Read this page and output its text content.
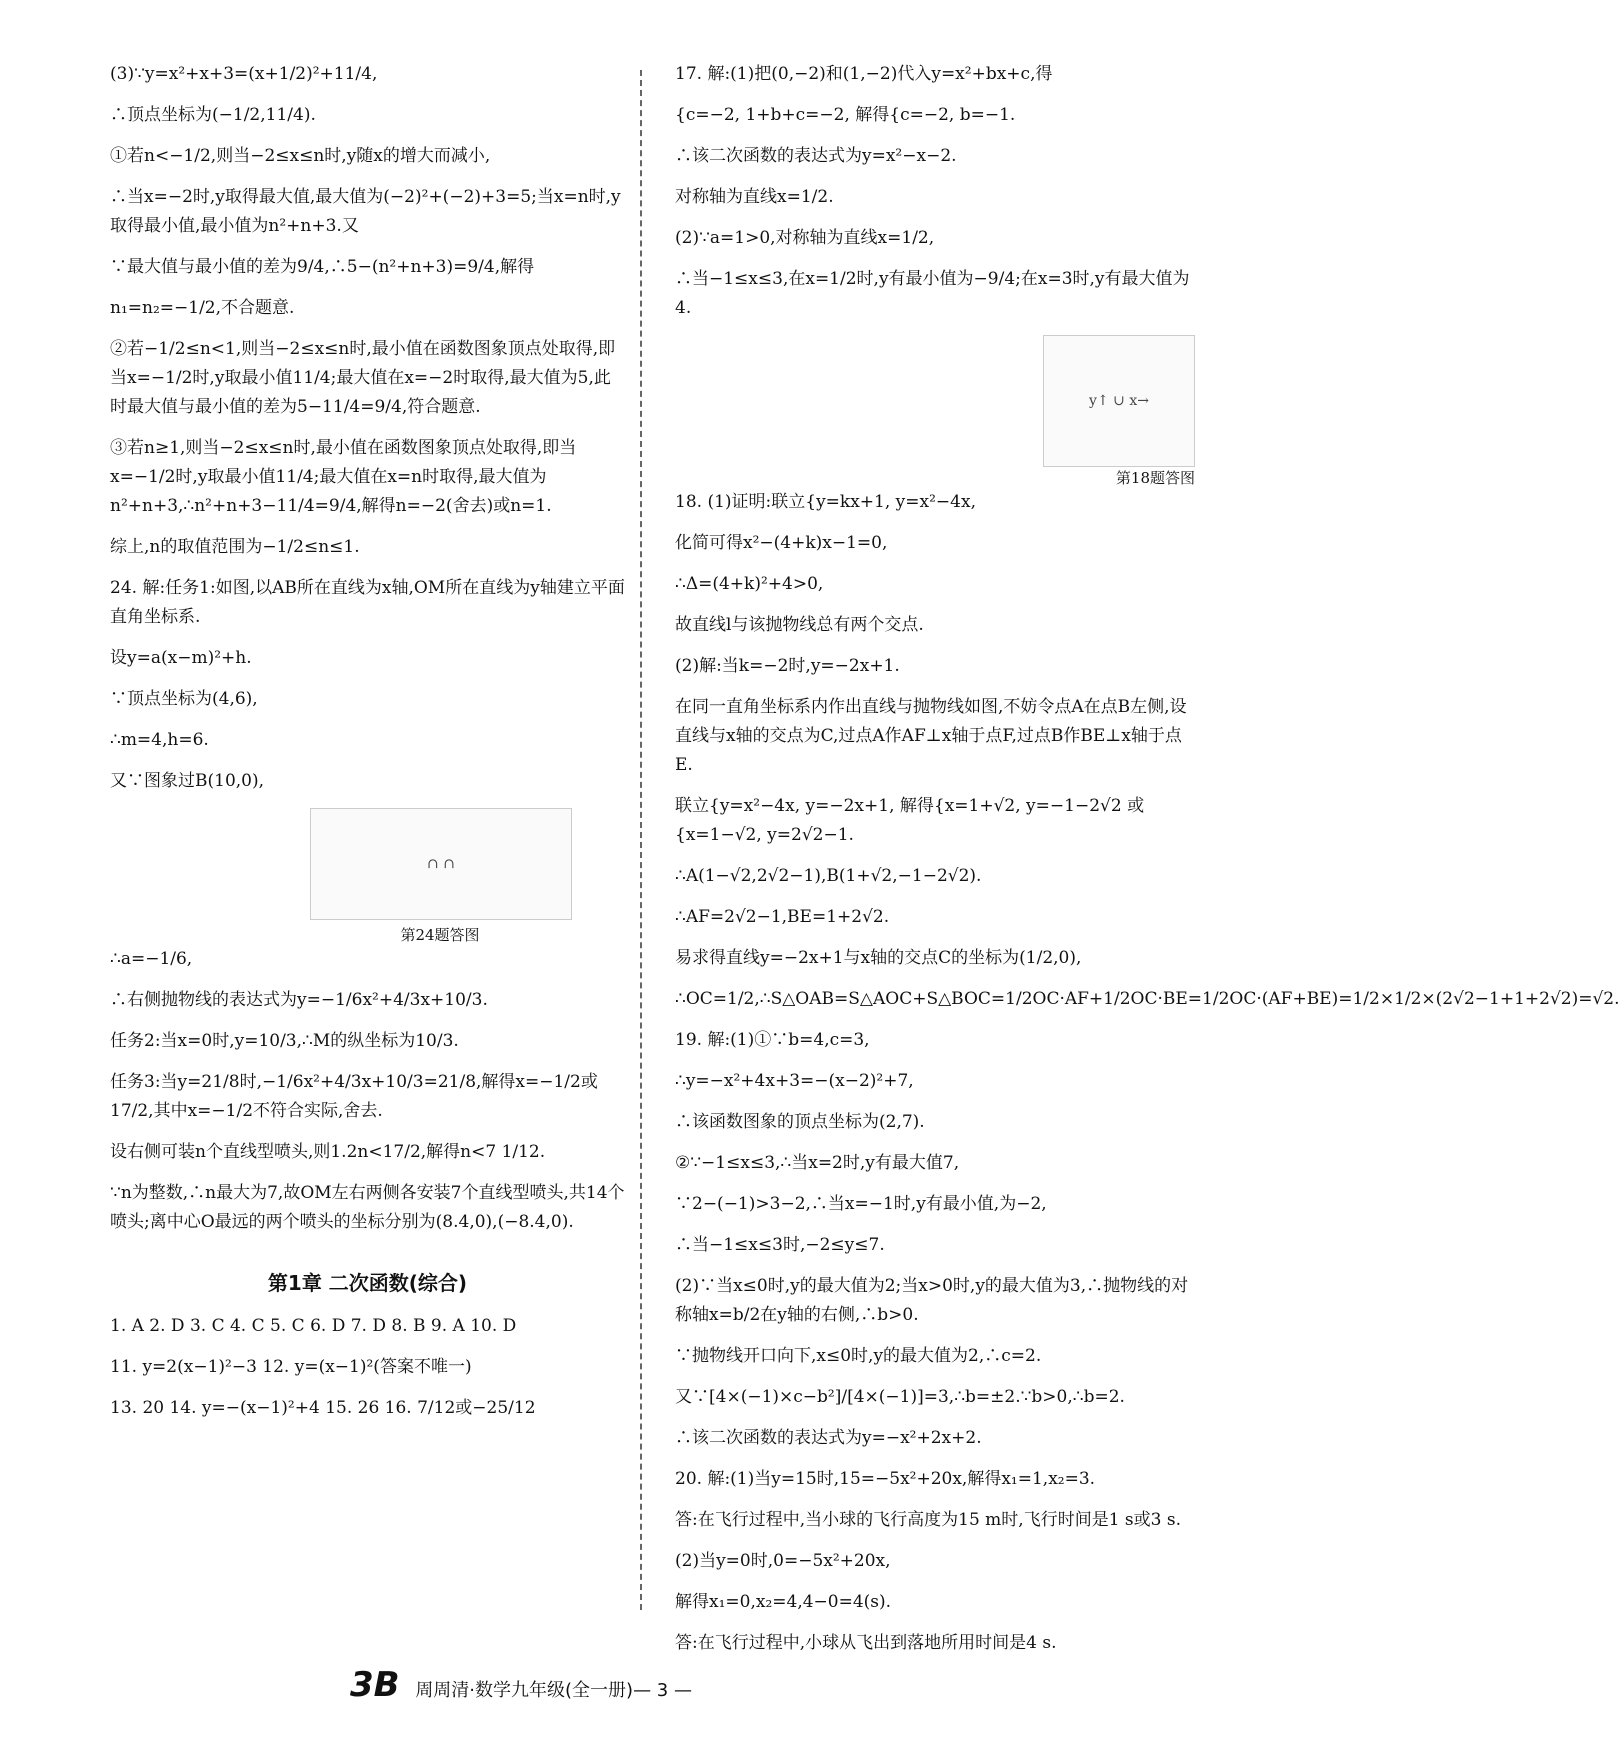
(3)∵y=x²+x+3=(x+1/2)²+11/4,
∴顶点坐标为(−1/2,11/4).
①若n<−1/2,则当−2≤x≤n时,y随x的增大而减小,
∴当x=−2时,y取得最大值,最大值为(−2)²+(−2)+3=5;当x=n时,y取得最小值,最小值为n²+n+3.又
∵最大值与最小值的差为9/4,∴5−(n²+n+3)=9/4,解得
n₁=n₂=−1/2,不合题意.
②若−1/2≤n<1,则当−2≤x≤n时,最小值在函数图象顶点处取得,即当x=−1/2时,y取最小值11/4;最大值在x=−2时取得,最大值为5,此时最大值与最小值的差为5−11/4=9/4,符合题意.
③若n≥1,则当−2≤x≤n时,最小值在函数图象顶点处取得,即当x=−1/2时,y取最小值11/4;最大值在x=n时取得,最大值为n²+n+3,∴n²+n+3−11/4=9/4,解得n=−2(舍去)或n=1.
综上,n的取值范围为−1/2≤n≤1.
24. 解:任务1:如图,以AB所在直线为x轴,OM所在直线为y轴建立平面直角坐标系.
设y=a(x−m)²+h.
∵顶点坐标为(4,6),
∴m=4,h=6.
又∵图象过B(10,0),
∩ ∩
第24题答图
∴a=−1/6,
∴右侧抛物线的表达式为y=−1/6x²+4/3x+10/3.
任务2:当x=0时,y=10/3,∴M的纵坐标为10/3.
任务3:当y=21/8时,−1/6x²+4/3x+10/3=21/8,解得x=−1/2或17/2,其中x=−1/2不符合实际,舍去.
设右侧可装n个直线型喷头,则1.2n<17/2,解得n<7 1/12.
∵n为整数,∴n最大为7,故OM左右两侧各安装7个直线型喷头,共14个喷头;离中心O最远的两个喷头的坐标分别为(8.4,0),(−8.4,0).
第1章 二次函数(综合)
1. A 2. D 3. C 4. C 5. C 6. D 7. D 8. B 9. A 10. D
11. y=2(x−1)²−3 12. y=(x−1)²(答案不唯一)
13. 20 14. y=−(x−1)²+4 15. 26 16. 7/12或−25/12
17. 解:(1)把(0,−2)和(1,−2)代入y=x²+bx+c,得
{c=−2, 1+b+c=−2, 解得{c=−2, b=−1.
∴该二次函数的表达式为y=x²−x−2.
对称轴为直线x=1/2.
(2)∵a=1>0,对称轴为直线x=1/2,
∴当−1≤x≤3,在x=1/2时,y有最小值为−9/4;在x=3时,y有最大值为4.
y↑ ∪ x→
第18题答图
18. (1)证明:联立{y=kx+1, y=x²−4x,
化简可得x²−(4+k)x−1=0,
∴Δ=(4+k)²+4>0,
故直线l与该抛物线总有两个交点.
(2)解:当k=−2时,y=−2x+1.
在同一直角坐标系内作出直线与抛物线如图,不妨令点A在点B左侧,设直线与x轴的交点为C,过点A作AF⊥x轴于点F,过点B作BE⊥x轴于点E.
联立{y=x²−4x, y=−2x+1, 解得{x=1+√2, y=−1−2√2 或{x=1−√2, y=2√2−1.
∴A(1−√2,2√2−1),B(1+√2,−1−2√2).
∴AF=2√2−1,BE=1+2√2.
易求得直线y=−2x+1与x轴的交点C的坐标为(1/2,0),
∴OC=1/2,∴S△OAB=S△AOC+S△BOC=1/2OC·AF+1/2OC·BE=1/2OC·(AF+BE)=1/2×1/2×(2√2−1+1+2√2)=√2.
19. 解:(1)①∵b=4,c=3,
∴y=−x²+4x+3=−(x−2)²+7,
∴该函数图象的顶点坐标为(2,7).
②∵−1≤x≤3,∴当x=2时,y有最大值7,
∵2−(−1)>3−2,∴当x=−1时,y有最小值,为−2,
∴当−1≤x≤3时,−2≤y≤7.
(2)∵当x≤0时,y的最大值为2;当x>0时,y的最大值为3,∴抛物线的对称轴x=b/2在y轴的右侧,∴b>0.
∵抛物线开口向下,x≤0时,y的最大值为2,∴c=2.
又∵[4×(−1)×c−b²]/[4×(−1)]=3,∴b=±2.∵b>0,∴b=2.
∴该二次函数的表达式为y=−x²+2x+2.
20. 解:(1)当y=15时,15=−5x²+20x,解得x₁=1,x₂=3.
答:在飞行过程中,当小球的飞行高度为15 m时,飞行时间是1 s或3 s.
(2)当y=0时,0=−5x²+20x,
解得x₁=0,x₂=4,4−0=4(s).
答:在飞行过程中,小球从飞出到落地所用时间是4 s.
3B 周周清·数学九年级(全一册)— 3 —
